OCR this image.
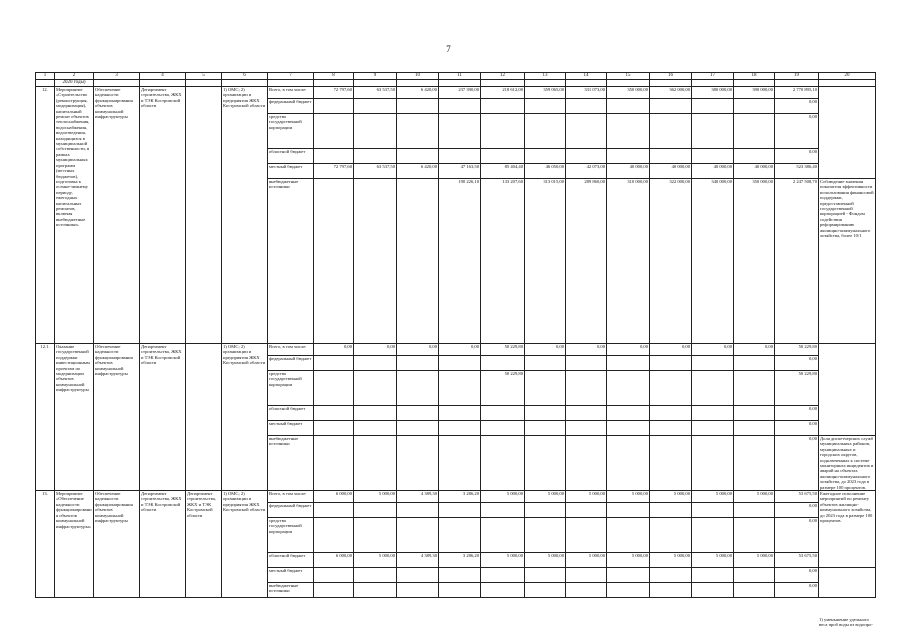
7
1	2	3	4	5	6	7	8	9	10	11	12	13	14	15	16	17	18	19	20
	2020 годы)																		
12.	Мероприятие «Строительство (реконструкция, модернизация), капитальный ремонт объектов теплоснабжения, водоснабжения, водоотведения, находящихся в муниципальной собственности, в рамках муниципальных программ (местных бюджетов), подготовка к осенне-зимнему периоду, ежегодных капитальных ремонтов, включая внебюджетные источники»	Обеспечение надежности функционирования объектов коммунальной инфраструктуры	Департамент строительства, ЖКХ и ТЭК Костромской области		1) ОМС; 2) организации и предприятия ЖКХ Костромской области	Всего, в том числе:	72 797,60	63 537,50	6 420,00	237 390,00	218 612,00	359 065,00	331 073,00	350 000,00	362 000,00	380 000,00	390 000,00	2 770 895,10	
						федеральный бюджет												0,00	
						средства государственной корпорации												0,00	
						областной бюджет												0,00	
						местный бюджет	72 797,60	63 537,50	6 420,00	47 163,50	85 404,40	46 050,00	42 073,00	40 000,00	40 000,00	40 000,00	40 000,00	523 386,40	
						внебюджетные источники				190 226,10	133 207,60	313 015,00	289 860,00	310 000,00	322 000,00	340 000,00	350 000,00	2 247 508,70	Соблюдение значения показателя эффективности использования финансовой поддержки, предоставленной государственной корпорацией - Фондом содействия реформированию жилищно-коммунального хозяйства, более 10/1
12.1.	Оказание государственной поддержки инвестиционным проектам по модернизации объектов коммунальной инфраструктуры	Обеспечение надежности функционирования объектов коммунальной инфраструктуры	Департамент строительства, ЖКХ и ТЭК Костромской области		1) ОМС; 2) организации и предприятия ЖКХ Костромской области	Всего, в том числе:	0,00	0,00	0,00	0,00	50 229,80	0,00	0,00	0,00	0,00	0,00	0,00	50 229,80	
						федеральный бюджет												0,00	
						средства государственной корпорации					50 229,80							50 229,80	
						областной бюджет												0,00	
						местный бюджет												0,00	
						внебюджетные источники												0,00	Доля диспетчерских служб муниципальных районов, муниципальных и городских округов, подключенных к системе мониторинга инцидентов и аварий на объектах жилищно-коммунального хозяйства, до 2023 года в размере 100 процентов.
13.	Мероприятие «Обеспечение надежности функционирования объектов коммунальной инфраструктуры»	Обеспечение надежности функционирования объектов коммунальной инфраструктуры	Департамент строительства, ЖКХ и ТЭК Костромской области	Департамент строительства, ЖКХ и ТЭК Костромской области	1) ОМС; 2) организации и предприятия ЖКХ Костромской области	Всего, в том числе:	6 000,00	5 000,00	4 389,30	3 286,20	5 000,00	5 000,00	5 000,00	5 000,00	5 000,00	5 000,00	5 000,00	53 675,50	Ежегодное исполнение мероприятий по ремонту объектов жилищно-коммунального хозяйства, до 2023 года в размере 100 процентов.
						федеральный бюджет												0,00	
						средства государственной корпорации												0,00	
						областной бюджет	6 000,00	5 000,00	4 389,30	3 286,20	5 000,00	5 000,00	5 000,00	5 000,00	5 000,00	5 000,00	5 000,00	53 675,50	
						местный бюджет												0,00	
						внебюджетные источники												0,00	
1) уменьшение удельного веса проб воды из водопро-
